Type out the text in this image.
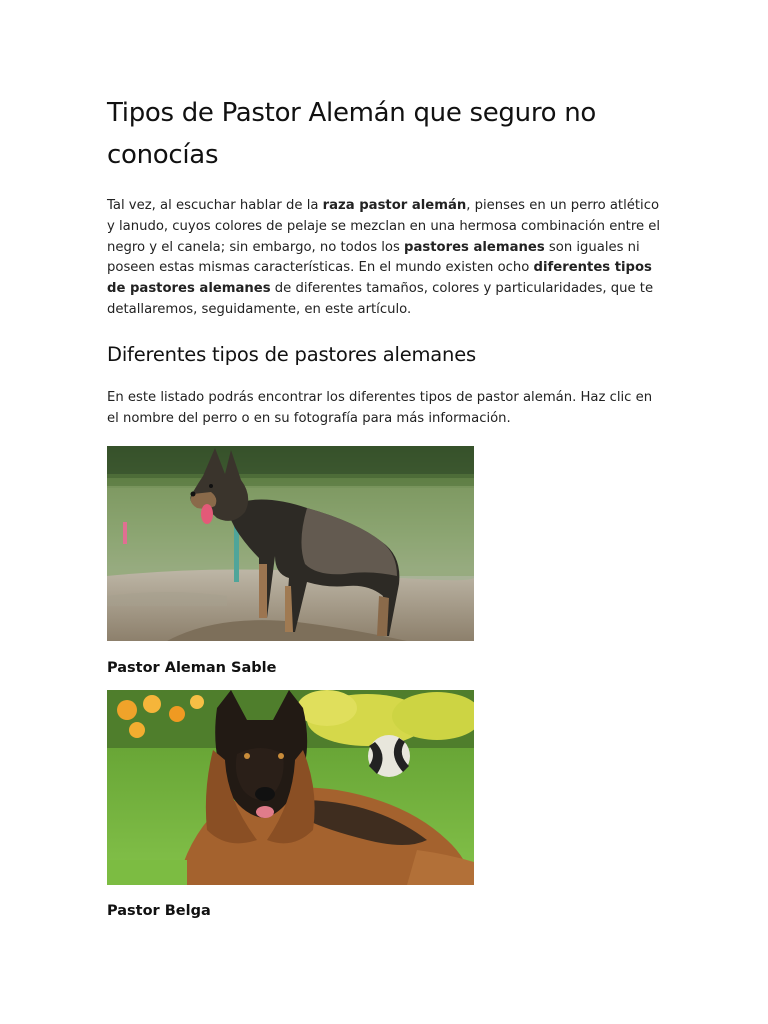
Tipos de Pastor Alemán que seguro no conocías

Tal vez, al escuchar hablar de la raza pastor alemán, pienses en un perro atlético y lanudo, cuyos colores de pelaje se mezclan en una hermosa combinación entre el negro y el canela; sin embargo, no todos los pastores alemanes son iguales ni poseen estas mismas características. En el mundo existen ocho diferentes tipos de pastores alemanes de diferentes tamaños, colores y particularidades, que te detallaremos, seguidamente, en este artículo.

Diferentes tipos de pastores alemanes

En este listado podrás encontrar los diferentes tipos de pastor alemán. Haz clic en el nombre del perro o en su fotografía para más información.

Pastor Aleman Sable
Pastor Belga
